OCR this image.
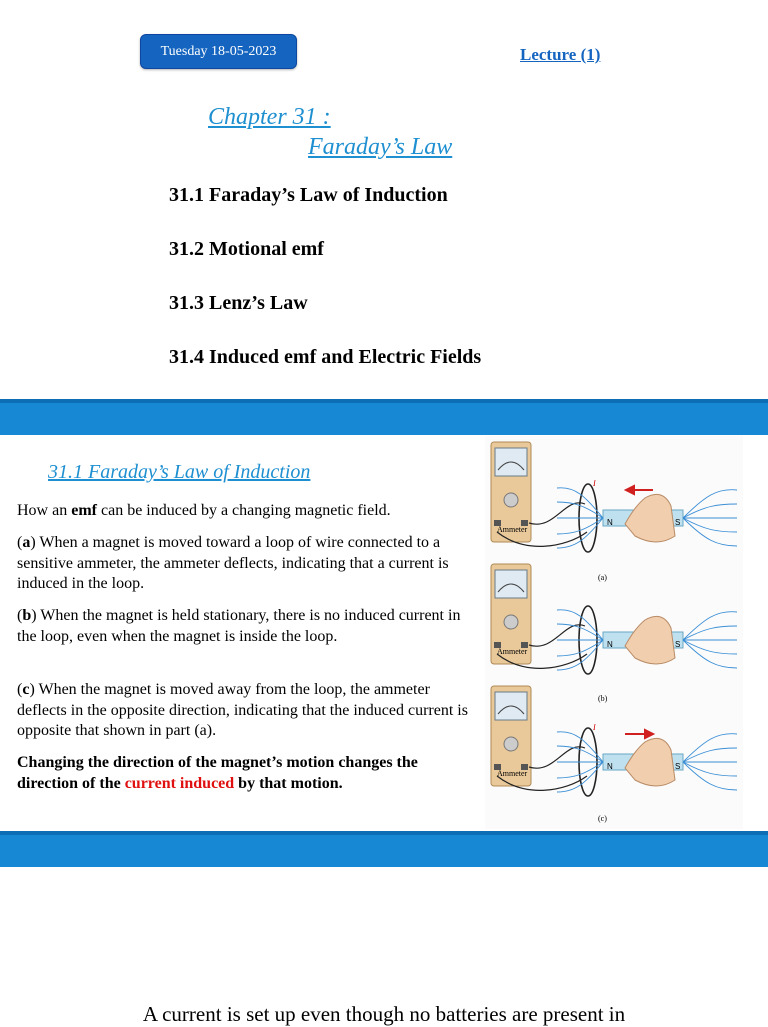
Tuesday 18-05-2023	Lecture (1)
Chapter 31 :
Faraday’s Law
31.1 Faraday’s Law of Induction
31.2 Motional emf
31.3 Lenz’s Law
31.4 Induced emf and Electric Fields
31.1 Faraday’s Law of Induction
How an emf can be induced by a changing magnetic field.
(a) When a magnet is moved toward a loop of wire connected to a sensitive ammeter, the ammeter deflects, indicating that a current is induced in the loop.
(b) When the magnet is held stationary, there is no induced current in the loop, even when the magnet is inside the loop.
(c) When the magnet is moved away from the loop, the ammeter deflects in the opposite direction, indicating that the induced current is opposite that shown in part (a).
Changing the direction of the magnet’s motion changes the direction of the current induced by that motion.
Ammeter
Ammeter
Ammeter
N	S
N	S
N	S
I
I
(a)
(b)
(c)
A current is set up even though no batteries are present in
